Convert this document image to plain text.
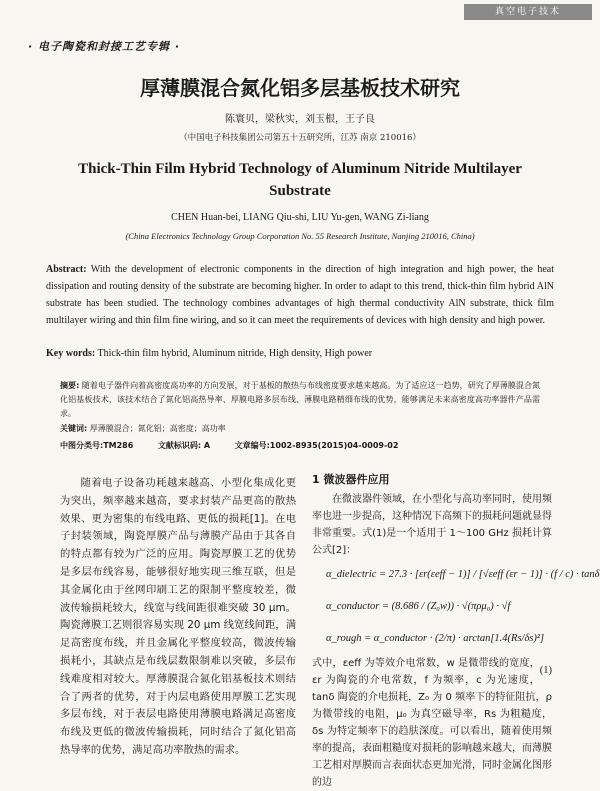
真空电子技术
· 电子陶瓷和封接工艺专辑 ·
厚薄膜混合氮化铝多层基板技术研究
陈寰贝，梁秋实，刘玉根，王子良
（中国电子科技集团公司第五十五研究所，江苏 南京 210016）
Thick-Thin Film Hybrid Technology of Aluminum Nitride Multilayer Substrate
CHEN Huan-bei, LIANG Qiu-shi, LIU Yu-gen, WANG Zi-liang
(China Electronics Technology Group Corporation No. 55 Research Institute, Nanjing 210016, China)
Abstract: With the development of electronic components in the direction of high integration and high power, the heat dissipation and routing density of the substrate are becoming higher. In order to adapt to this trend, thick-thin film hybrid AlN substrate has been studied. The technology combines advantages of high thermal conductivity AlN substrate, thick film multilayer wiring and thin film fine wiring, and so it can meet the requirements of devices with high density and high power.
Key words: Thick-thin film hybrid, Aluminum nitride, High density, High power
摘要: 随着电子器件向着高密度高功率的方向发展，对于基板的散热与布线密度要求越来越高。为了适应这一趋势，研究了厚薄膜混合氮化铝基板技术，该技术结合了氮化铝高热导率、厚膜电路多层布线、薄膜电路精细布线的优势，能够满足未来高密度高功率器件产品需求。
关键词: 厚薄膜混合；氮化铝；高密度；高功率
中图分类号:TM286	文献标识码: A	文章编号:1002-8935(2015)04-0009-02

随着电子设备功耗越来越高、小型化集成化更为突出，频率越来越高，要求封装产品更高的散热效果、更为密集的布线电路、更低的损耗[1]。在电子封装领域，陶瓷厚膜产品与薄膜产品由于其各自的特点都有较为广泛的应用。陶瓷厚膜工艺的优势是多层布线容易，能够很好地实现三维互联，但是其金属化由于丝网印刷工艺的限制平整度较差，微波传输损耗较大，线宽与线间距很难突破 30 μm。陶瓷薄膜工艺则很容易实现 20 μm 线宽线间距，满足高密度布线，并且金属化平整度较高，微波传输损耗小，其缺点是布线层数限制难以突破，多层布线难度相对较大。厚薄膜混合氮化铝基板技术则结合了两者的优势，对于内层电路使用厚膜工艺实现多层布线，对于表层电路使用薄膜电路满足高密度布线及更低的微波传输损耗，同时结合了氮化铝高热导率的优势，满足高功率散热的需求。

1 微波器件应用

在微波器件领域，在小型化与高功率同时，使用频率也进一步提高，这种情况下高频下的损耗问题就显得非常重要。式(1)是一个适用于 1～100 GHz 损耗计算公式[2]：

α_dielectric = 27.3 · [εr(εeff − 1)] / [√εeff (εr − 1)] · (f / c) · tanδ
α_conductor = (8.686 / (Z₀w)) · √(πρμ₀) · √f
α_rough = α_conductor · (2/π) · arctan[1.4(Rs/δs)²]
(1)

式中，εeff 为等效介电常数，w 是微带线的宽度，εr 为陶瓷的介电常数，f 为频率，c 为光速度，tanδ 陶瓷的介电损耗，Z₀ 为 0 频率下的特征阻抗，ρ 为微带线的电阻，μ₀ 为真空磁导率，Rs 为粗糙度，δs 为特定频率下的趋肤深度。可以看出，随着使用频率的提高，表面粗糙度对损耗的影响越来越大，而薄膜工艺相对厚膜而言表面状态更加光滑，同时金属化图形的边
